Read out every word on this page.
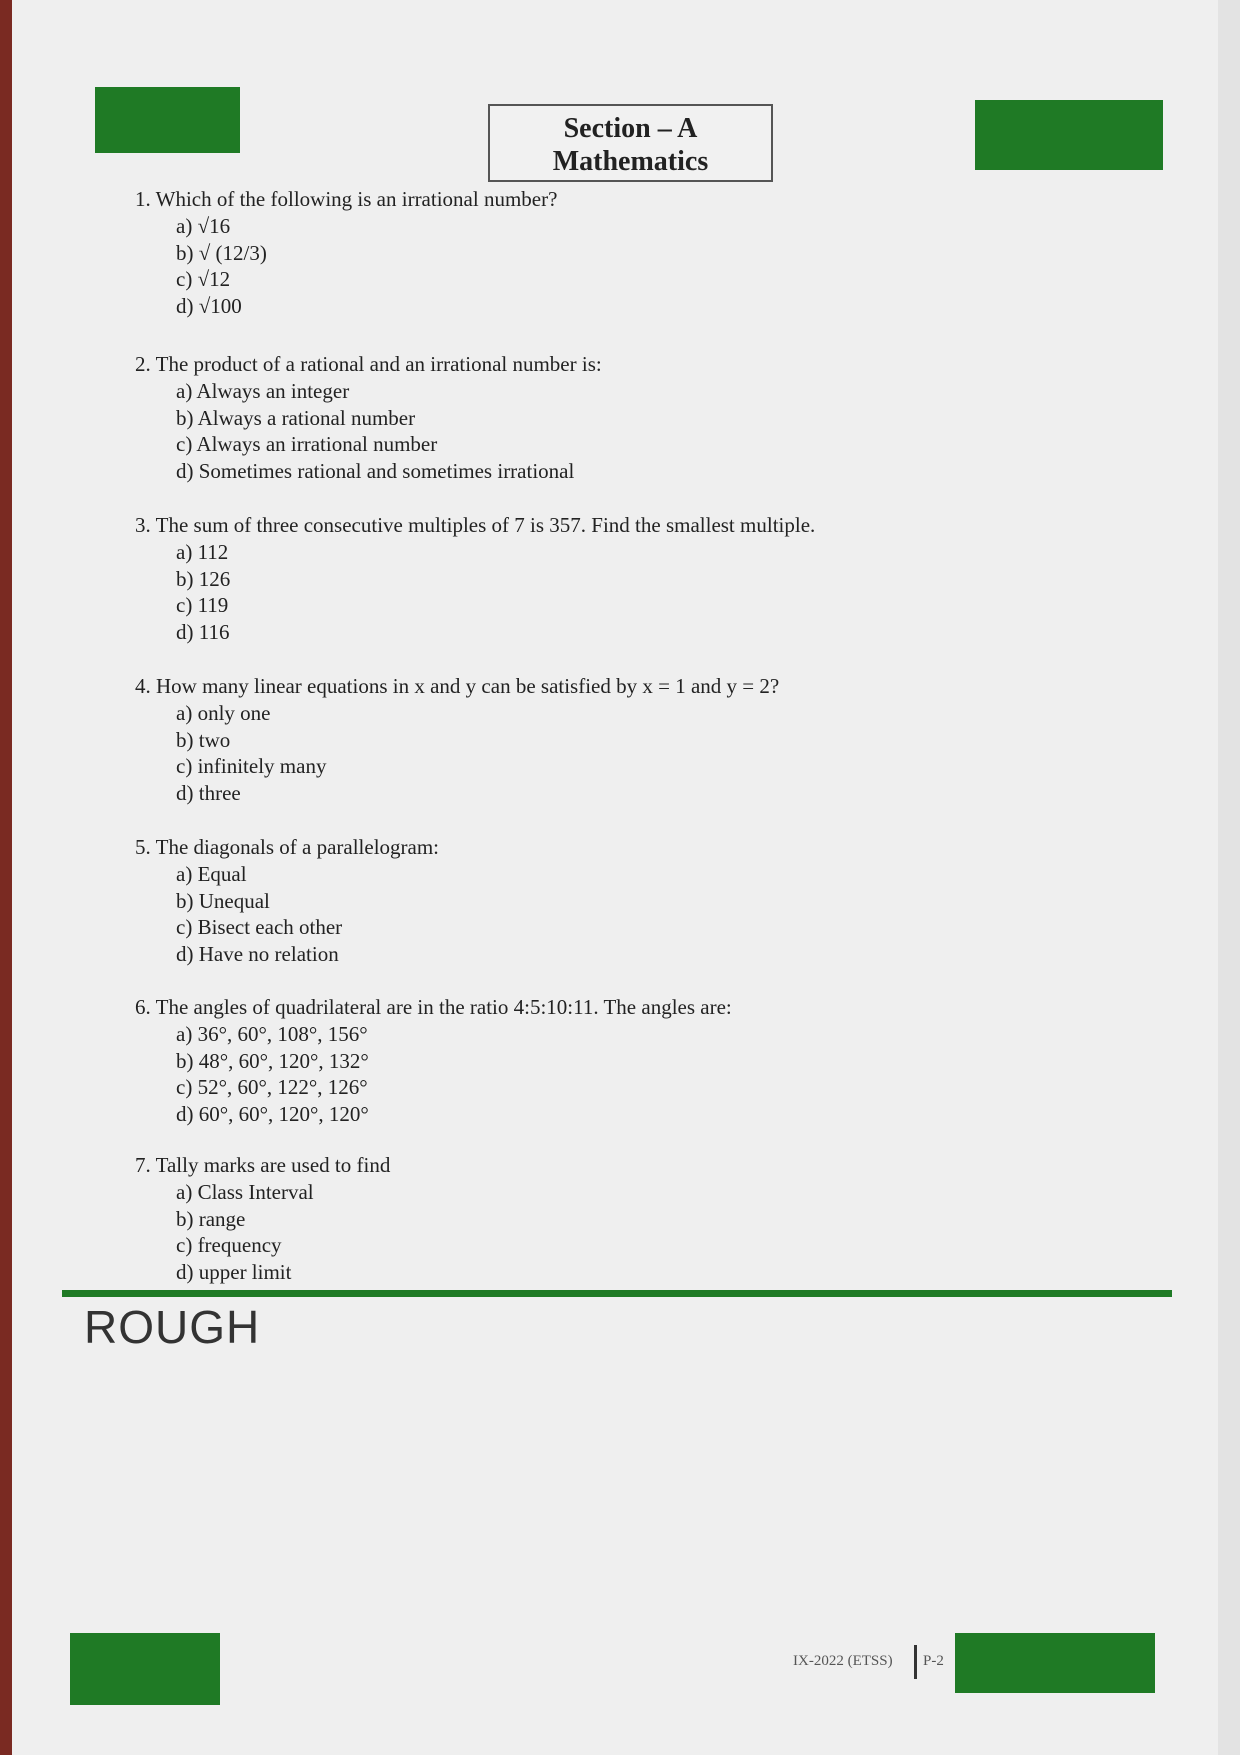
Section – A
Mathematics
1. Which of the following is an irrational number?
a) √16
b) √ (12/3)
c) √12
d) √100
2. The product of a rational and an irrational number is:
a) Always an integer
b) Always a rational number
c) Always an irrational number
d) Sometimes rational and sometimes irrational
3. The sum of three consecutive multiples of 7 is 357. Find the smallest multiple.
a) 112
b) 126
c) 119
d) 116
4. How many linear equations in x and y can be satisfied by x = 1 and y = 2?
a) only one
b) two
c) infinitely many
d) three
5. The diagonals of a parallelogram:
a) Equal
b) Unequal
c) Bisect each other
d) Have no relation
6. The angles of quadrilateral are in the ratio 4:5:10:11. The angles are:
a) 36°, 60°, 108°, 156°
b) 48°, 60°, 120°, 132°
c) 52°, 60°, 122°, 126°
d) 60°, 60°, 120°, 120°
7. Tally marks are used to find
a) Class Interval
b) range
c) frequency
d) upper limit
ROUGH
IX-2022 (ETSS) P-2
